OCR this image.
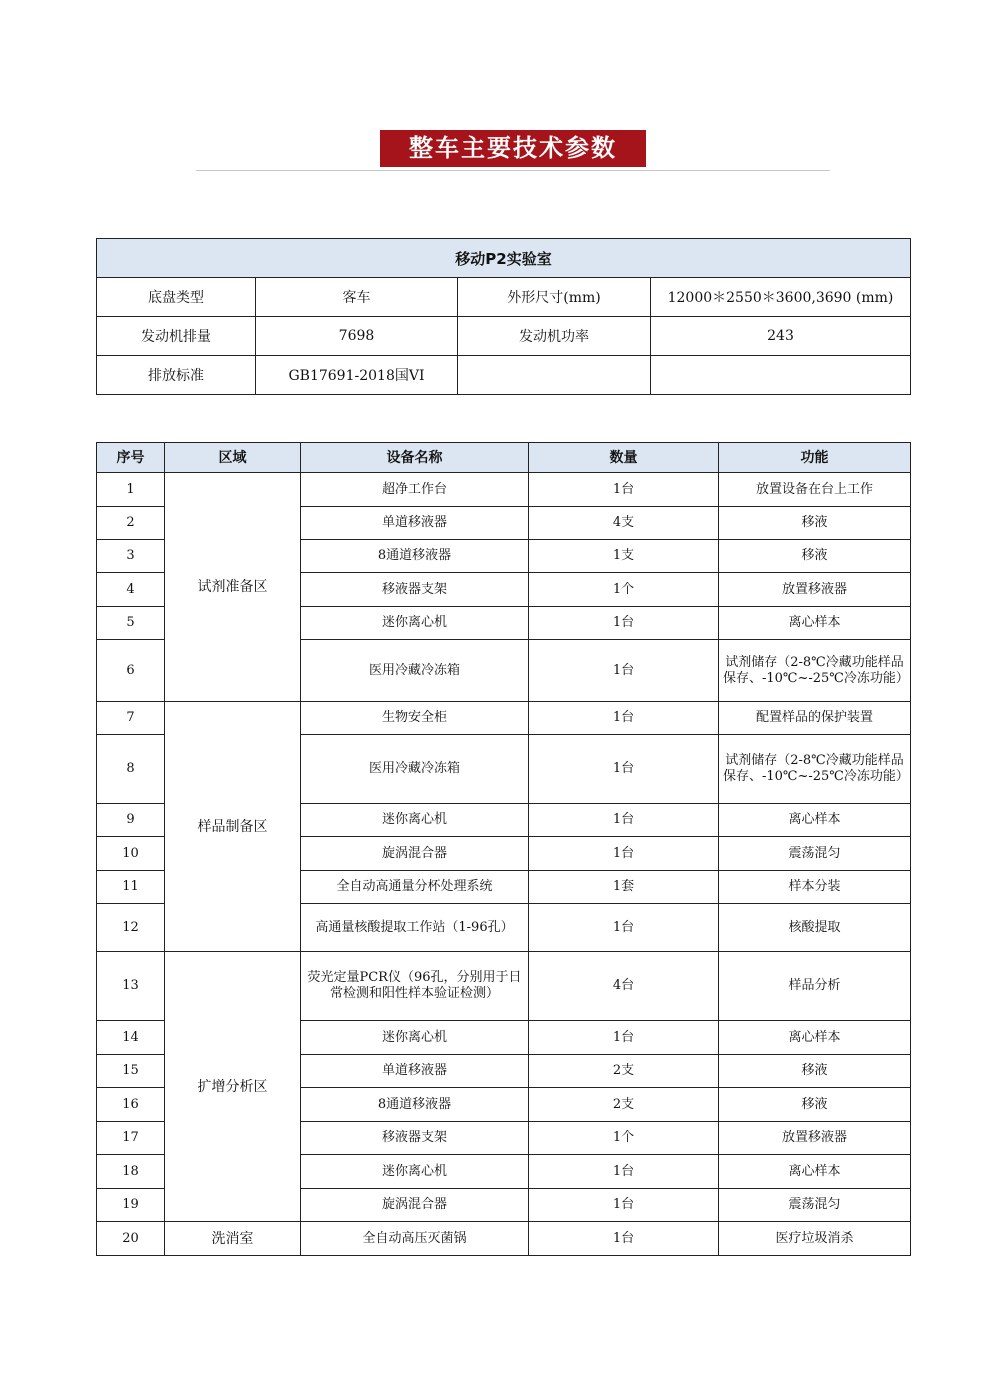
整车主要技术参数
移动P2实验室			
底盘类型	客车	外形尺寸(mm)	12000＊2550＊3600,3690 (mm)
发动机排量	7698	发动机功率	243
排放标准	GB17691-2018国VI		
序号	区域	设备名称	数量	功能
1	试剂准备区	超净工作台	1台	放置设备在台上工作
2		单道移液器	4支	移液
3		8通道移液器	1支	移液
4		移液器支架	1个	放置移液器
5		迷你离心机	1台	离心样本
6		医用冷藏冷冻箱	1台	试剂储存（2-8℃冷藏功能样品保存、-10℃~-25℃冷冻功能）
7	样品制备区	生物安全柜	1台	配置样品的保护装置
8		医用冷藏冷冻箱	1台	试剂储存（2-8℃冷藏功能样品保存、-10℃~-25℃冷冻功能）
9		迷你离心机	1台	离心样本
10		旋涡混合器	1台	震荡混匀
11		全自动高通量分杯处理系统	1套	样本分装
12		高通量核酸提取工作站（1-96孔）	1台	核酸提取
13	扩增分析区	荧光定量PCR仪（96孔，分别用于日常检测和阳性样本验证检测）	4台	样品分析
14		迷你离心机	1台	离心样本
15		单道移液器	2支	移液
16		8通道移液器	2支	移液
17		移液器支架	1个	放置移液器
18		迷你离心机	1台	离心样本
19		旋涡混合器	1台	震荡混匀
20	洗消室	全自动高压灭菌锅	1台	医疗垃圾消杀
